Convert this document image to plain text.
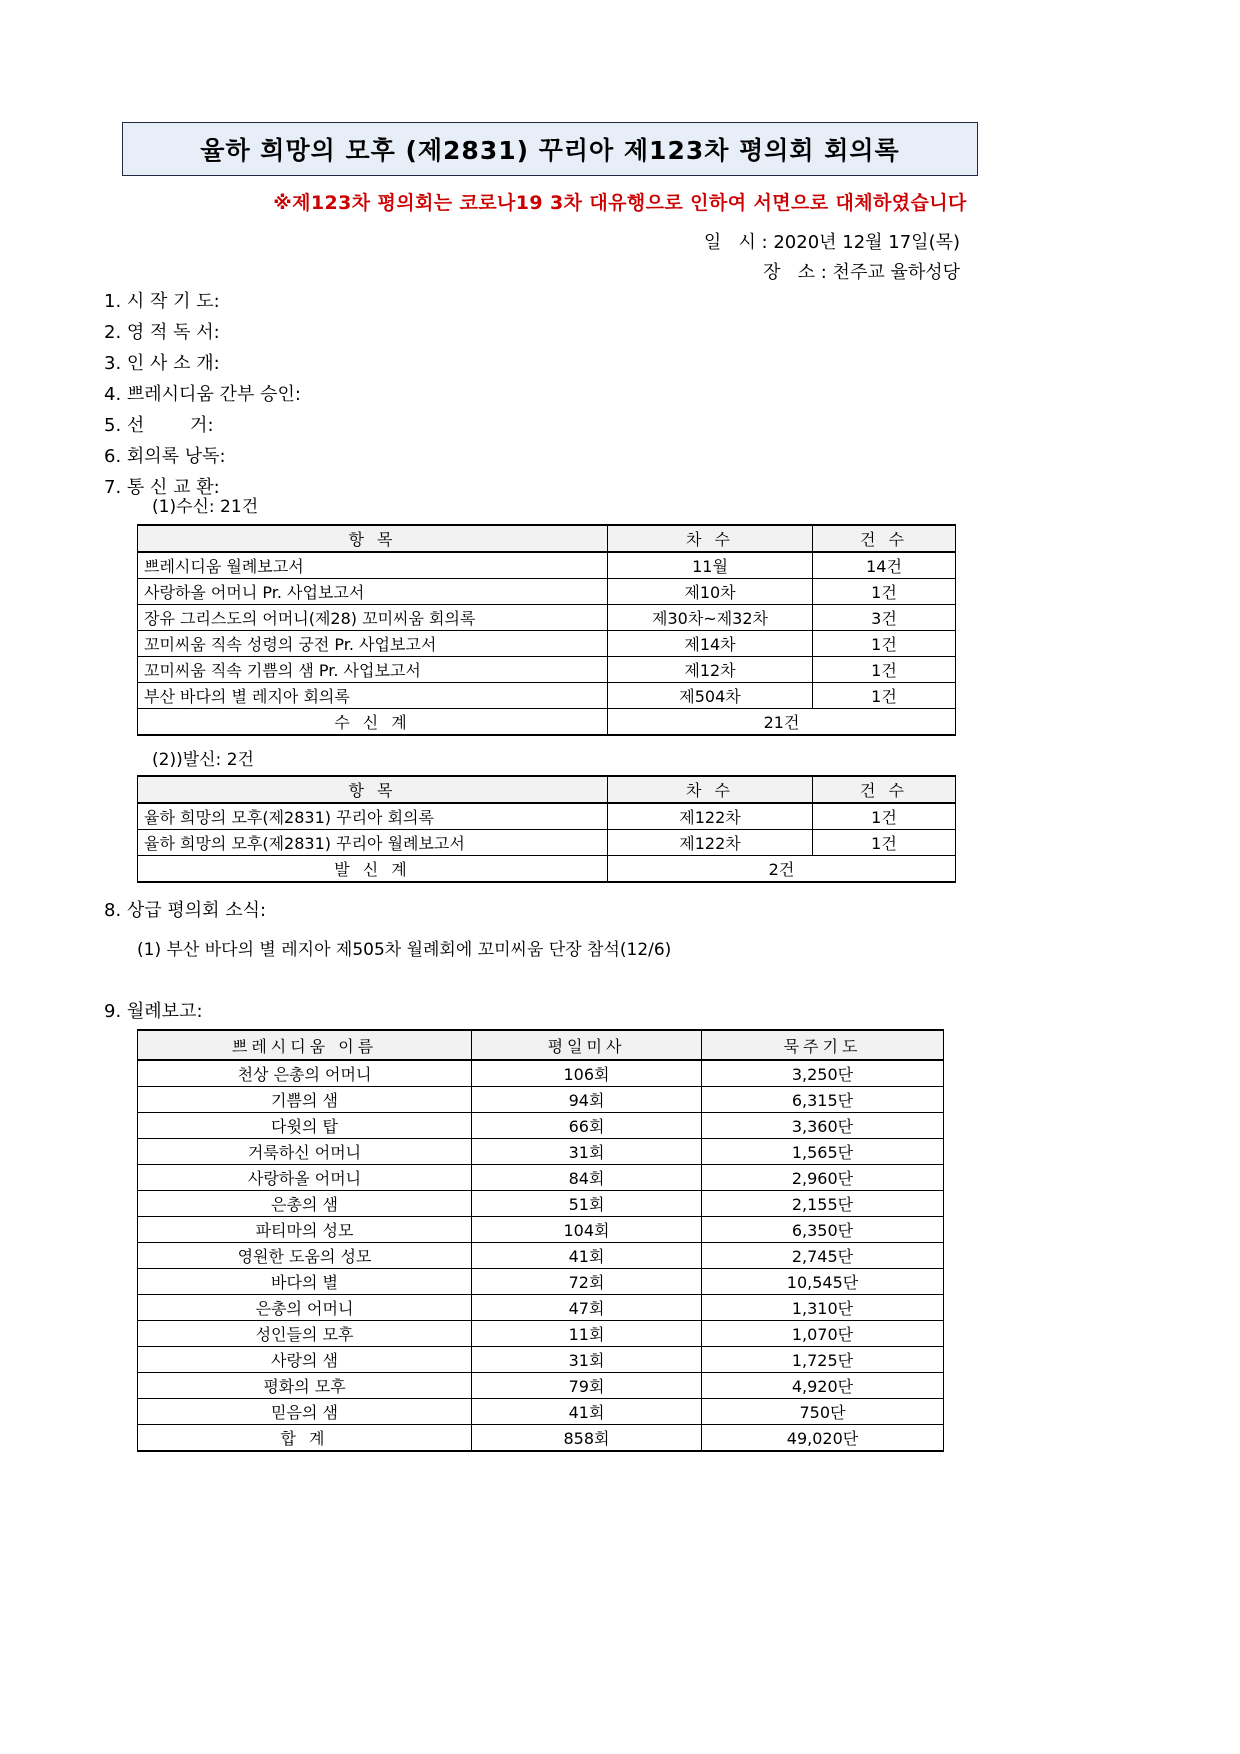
율하 희망의 모후 (제2831) 꾸리아 제123차 평의회 회의록
※제123차 평의회는 코로나19 3차 대유행으로 인하여 서면으로 대체하였습니다
일   시 : 2020년 12월 17일(목)
장   소 : 천주교 율하성당
1. 시 작 기 도:
2. 영 적 독 서:
3. 인 사 소 개:
4. 쁘레시디움 간부 승인:
5. 선        거:
6. 회의록 낭독:
7. 통 신 교 환:
(1)수신: 21건
항 목	차 수	건 수
쁘레시디움 월례보고서	11월	14건
사랑하올 어머니 Pr. 사업보고서	제10차	1건
장유 그리스도의 어머니(제28) 꼬미씨움 회의록	제30차~제32차	3건
꼬미씨움 직속 성령의 궁전 Pr. 사업보고서	제14차	1건
꼬미씨움 직속 기쁨의 샘 Pr. 사업보고서	제12차	1건
부산 바다의 별 레지아 회의록	제504차	1건
수 신 계	21건	
(2))발신: 2건
항 목	차 수	건 수
율하 희망의 모후(제2831) 꾸리아 회의록	제122차	1건
율하 희망의 모후(제2831) 꾸리아 월례보고서	제122차	1건
발 신 계	2건	
8. 상급 평의회 소식:
(1) 부산 바다의 별 레지아 제505차 월례회에 꼬미씨움 단장 참석(12/6)
9. 월례보고:
쁘레시디움 이름	평일미사	묵주기도
천상 은총의 어머니	106회	3,250단
기쁨의 샘	94회	6,315단
다윗의 탑	66회	3,360단
거룩하신 어머니	31회	1,565단
사랑하올 어머니	84회	2,960단
은총의 샘	51회	2,155단
파티마의 성모	104회	6,350단
영원한 도움의 성모	41회	2,745단
바다의 별	72회	10,545단
은총의 어머니	47회	1,310단
성인들의 모후	11회	1,070단
사랑의 샘	31회	1,725단
평화의 모후	79회	4,920단
믿음의 샘	41회	750단
합 계	858회	49,020단
